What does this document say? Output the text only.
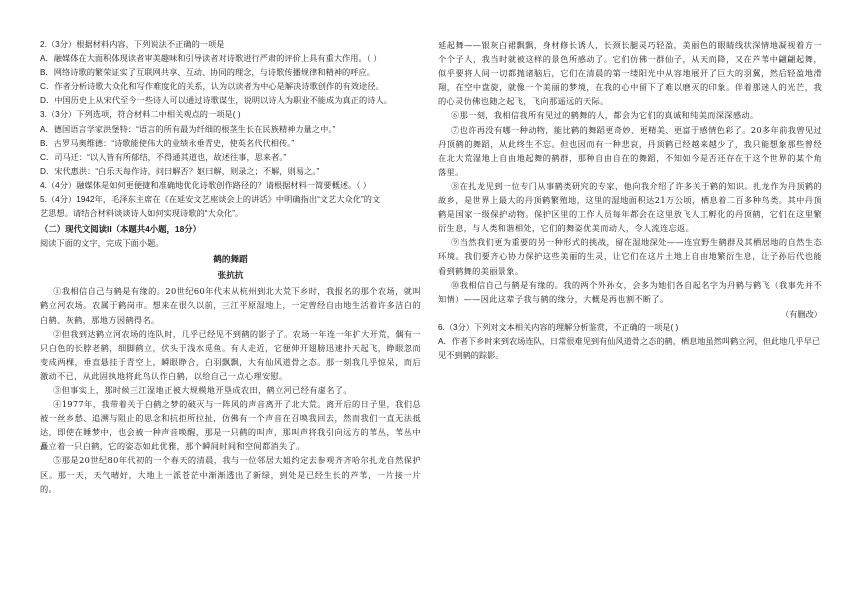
2.（3分）根据材料内容，下列说法不正确的一项是

A．融媒体在大面积体现读者审美趣味和引导读者对诗歌进行严肃的评价上具有重大作用。（ ）

B．网络诗歌的繁荣证实了互联网共享、互动、协同的理念，与诗歌传播规律和精神的呼应。

C．作者分析诗歌大众化和写作难度化的关系，认为以读者为中心是解决诗歌创作的有效途径。

D．中国历史上从宋代至今一些诗人可以通过诗歌谋生，说明以诗人为职业不能成为真正的诗人。

3.（3分）下列选项，符合材料二中相关观点的一项是( )

A．德国语言学家洪堡特：“语言的所有最为纤细的根茎生长在民族精神力量之中。”

B．古罗马奥维德：“诗歌能使伟大的业绩永垂青史，使英名代代相传。”

C．司马迁：“以人皆有所郁结，不得通其道也，故述往事，思来者。”

D．宋代惠洪：“白乐天每作诗，问曰解否？妪曰解，则录之；不解，则易之。”

4.（4分）融媒体是如何更便捷和准确地优化诗歌创作路径的？请根据材料一简要概述。（ ）

5.（4分）1942年，毛泽东主席在《在延安文艺座谈会上的讲话》中明确指出“文艺大众化”的文

艺思想。请结合材料谈谈诗人如何实现诗歌的“大众化”。

（二）现代文阅读II（本题共4小题，18分）

阅读下面的文字，完成下面小题。

鹤的舞蹈

张抗抗

①我相信自己与鹤是有缘的。20世纪60年代末从杭州到北大荒下乡时，我报名的那个农场，就叫鹤立河农场。农属于鹤岗市。想来在很久以前，三江平原湿地上，一定曾经自由地生活着许多洁白的白鹤、灰鹤，那地方因鹤得名。

②但我到达鹤立河农场的连队时，几乎已经见不到鹤的影子了。农场一年连一年扩大开荒，偶有一只白色的长脖老鹤，细脚鹤立，伏头于浅水觅鱼。有人走近，它便伸开翅膀迅速扑天起飞，睁眼忽而变成两棵，垂直悬挂于青空上，瞬眼睁合，白羽飘飘，大有仙风道骨之态。那一刻我几乎惊呆，而后激动不已，从此固执地将此鸟认作白鹤，以给自己一点心理安慰。

③但事实上，那时候三江湿地正被大规模地开垦成农田，鹤立河已经有虚名了。

④1977年，我带着关于白鹤之梦的破灭与一阵风的声音离开了北大荒。离开后的日子里，我们总被一丝乡愁、追溯与阻止的思念和抗拒所拉扯，仿佛有一个声音在召唤我回去，然而我们一直无法抵达，即使在睡梦中，也会被一种声音唤醒，那是一只鹤的叫声，那叫声将我引向远方的苇丛，苇丛中矗立着一只白鹤，它的姿态如此优雅，那个瞬间时间和空间都消失了。

⑤那是20世纪80年代初的一个春天的清晨，我与一位邻居大姐约定去参观齐齐哈尔扎龙自然保护区。那一天，天气晴好，大地上一派苍茫中渐渐透出了新绿，到处是已经生长的芦苇，一片接一片的。

延起舞——银灰白裙飘飘，身材修长诱人，长颈长腿灵巧轻盈，美丽色的眼睛线状深情地凝视着方一个个子人，我当时就被这样的景色所感动了。它们仿佛一群仙子，从天而降，又在芦苇中翩翩起舞，似乎要将人间一切都抛诸脑后，它们在清晨的第一缕阳光中从容地展开了巨大的羽翼，然后轻盈地滑翔，在空中盘旋，就像一个美丽的梦境，在我的心中留下了难以磨灭的印象。伴着那迷人的光芒，我的心灵仿佛也随之起飞，飞向那遥远的天际。

⑥那一刻，我相信我所有见过的鹤舞的人，都会为它们的真诚和纯美而深深感动。

⑦也许再没有哪一种动物，能比鹤的舞蹈更奇妙、更精美、更富于感情色彩了。20多年前我曾见过丹顶鹤的舞蹈，从此终生不忘。但也因而有一种悲哀，丹顶鹤已经越来越少了，我只能想象那些曾经在北大荒湿地上自由地起舞的鹤群，那种自由自在的舞蹈，不知如今是否还存在于这个世界的某个角落里。

⑧在扎龙见到一位专门从事鹤类研究的专家，他向我介绍了许多关于鹤的知识。扎龙作为丹顶鹤的故乡，是世界上最大的丹顶鹤繁殖地，这里的湿地面积达21万公顷，栖息着二百多种鸟类。其中丹顶鹤是国家一级保护动物。保护区里的工作人员每年都会在这里放飞人工孵化的丹顶鹤，它们在这里繁衍生息，与人类和谐相处，它们的舞姿优美而动人，令人流连忘返。

⑨当然我们更为重要的另一种形式的挑战，留在湿地深处——连宜野生鹤群及其栖居地的自然生态环境。我们要齐心协力保护这些美丽的生灵，让它们在这片土地上自由地繁衍生息，让子孙后代也能看到鹤舞的美丽景象。

⑩我相信自己与鹤是有缘的。我的两个外孙女，会多为她们各自起名字为丹鹤与鹤飞（我事先并不知情）——因此这辈子我与鹤的缘分，大概是再也割不断了。

（有删改）

6.（3分）下列对文本相关内容的理解分析鉴赏，不正确的一项是( )

A．作者下乡时来到农场连队，日常很难见到有仙风道骨之态的鹤，栖息地虽然叫鹤立河，但此地几乎早已见不到鹤的踪影。
